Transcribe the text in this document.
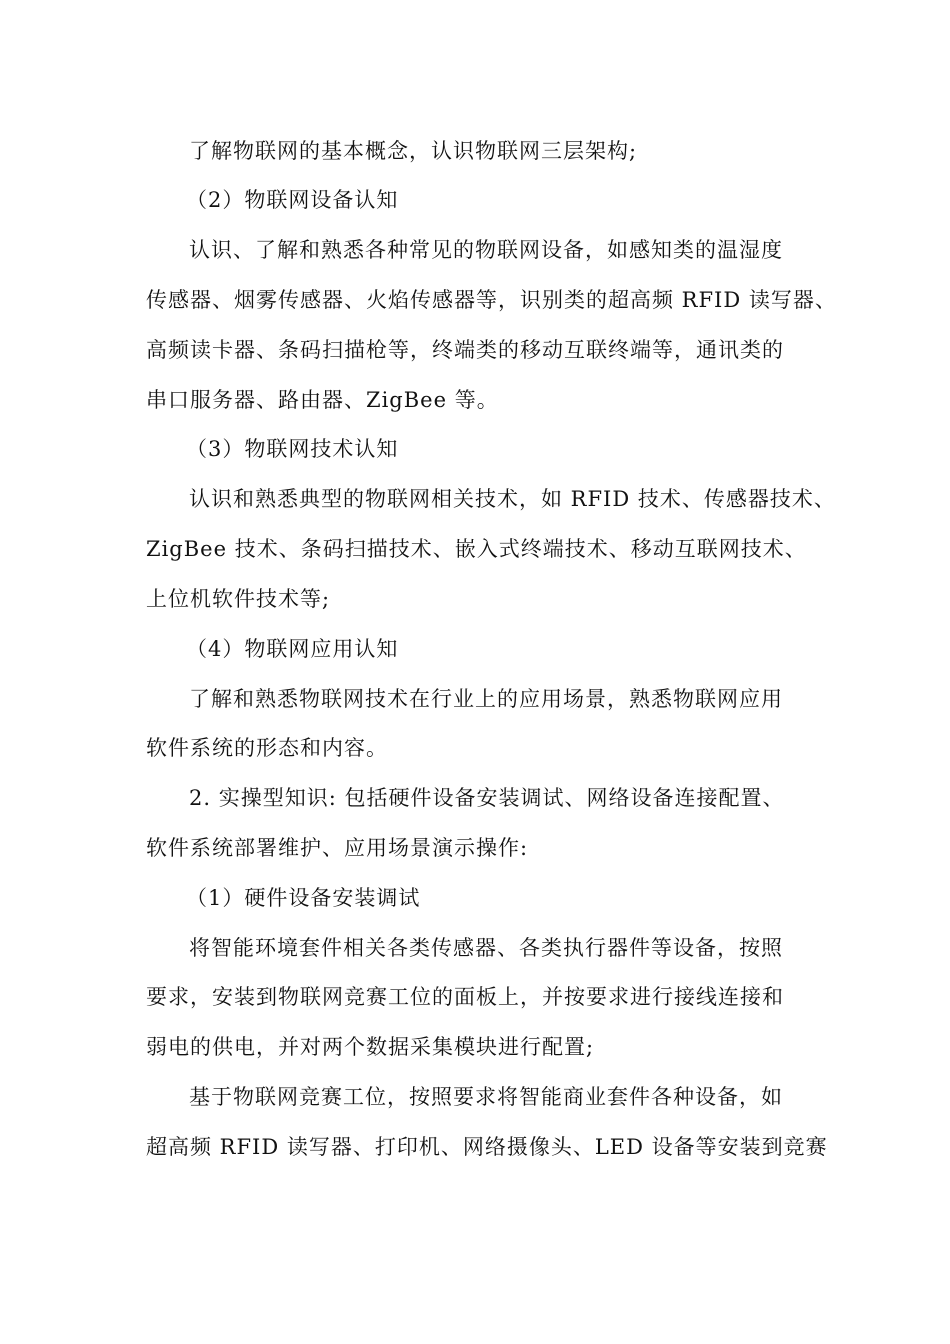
了解物联网的基本概念，认识物联网三层架构;
（2）物联网设备认知
认识、了解和熟悉各种常见的物联网设备，如感知类的温湿度
传感器、烟雾传感器、火焰传感器等，识别类的超高频 RFID 读写器、
高频读卡器、条码扫描枪等，终端类的移动互联终端等，通讯类的
串口服务器、路由器、ZigBee 等。
（3）物联网技术认知
认识和熟悉典型的物联网相关技术，如 RFID 技术、传感器技术、
ZigBee 技术、条码扫描技术、嵌入式终端技术、移动互联网技术、
上位机软件技术等;
（4）物联网应用认知
了解和熟悉物联网技术在行业上的应用场景，熟悉物联网应用
软件系统的形态和内容。
2. 实操型知识: 包括硬件设备安装调试、网络设备连接配置、
软件系统部署维护、应用场景演示操作:
（1）硬件设备安装调试
将智能环境套件相关各类传感器、各类执行器件等设备，按照
要求，安装到物联网竞赛工位的面板上，并按要求进行接线连接和
弱电的供电，并对两个数据采集模块进行配置;
基于物联网竞赛工位，按照要求将智能商业套件各种设备，如
超高频 RFID 读写器、打印机、网络摄像头、LED 设备等安装到竞赛
